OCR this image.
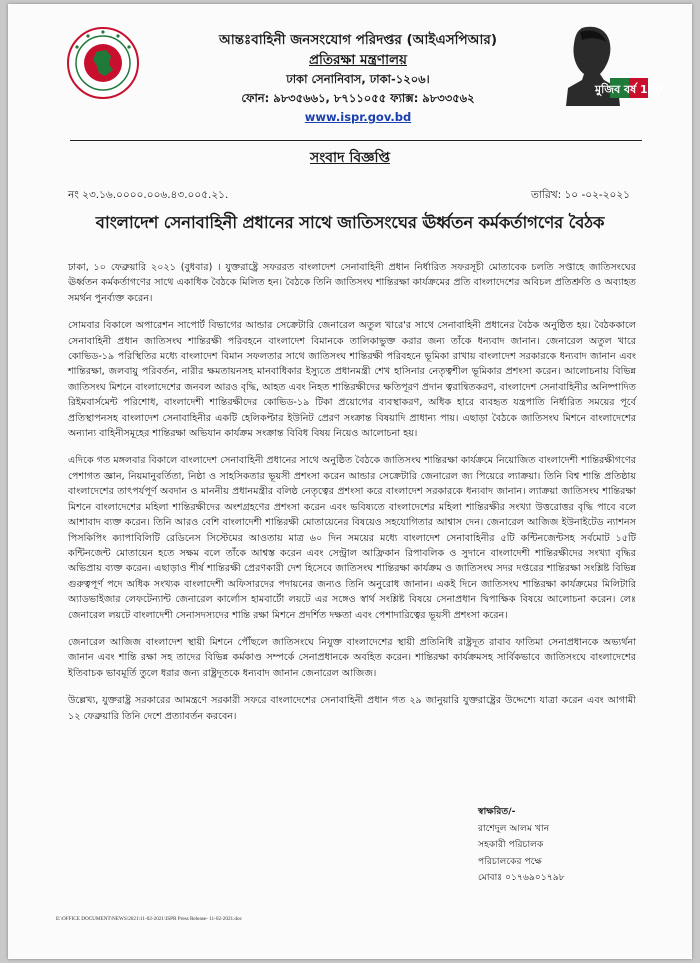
আন্তঃবাহিনী জনসংযোগ পরিদপ্তর (আইএসপিআর)
প্রতিরক্ষা মন্ত্রণালয়
ঢাকা সেনানিবাস, ঢাকা-১২০৬।
ফোন: ৯৮৩৫৬৬১, ৮৭১১০৫৫ ফ্যাক্স: ৯৮৩৩৫৬২
www.ispr.gov.bd
মুজিব বর্ষ 100
সংবাদ বিজ্ঞপ্তি
নং ২৩.১৬.০০০০.০০৬.৪৩.০০৫.২১.	তারিখ: ১০ -০২-২০২১
বাংলাদেশ সেনাবাহিনী প্রধানের সাথে জাতিসংঘের ঊর্ধ্বতন কর্মকর্তাগণের বৈঠক

ঢাকা, ১০ ফেব্রুয়ারি ২০২১ (বুধবার) । যুক্তরাষ্ট্রে সফররত বাংলাদেশ সেনাবাহিনী প্রধান নির্ধারিত সফরসূচী মোতাবেক চলতি সপ্তাহে জাতিসংঘের ঊর্ধ্বতন কর্মকর্তাগণের সাথে একাধিক বৈঠকে মিলিত হন। বৈঠকে তিনি জাতিসংঘ শান্তিরক্ষা কার্যক্রমের প্রতি বাংলাদেশের অবিচল প্রতিশ্রুতি ও অব্যাহত সমর্থন পুনর্ব্যক্ত করেন।

সোমবার বিকালে অপারেশন সাপোর্ট বিভাগের আন্ডার সেক্রেটারি জেনারেল অতুল খারে'র সাথে সেনাবাহিনী প্রধানের বৈঠক অনুষ্ঠিত হয়। বৈঠককালে সেনাবাহিনী প্রধান জাতিসংঘ শান্তিরক্ষী পরিবহনে বাংলাদেশ বিমানকে তালিকাভুক্ত করার জন্য তাঁকে ধন্যবাদ জানান। জেনারেল অতুল খারে কোভিড-১৯ পরিস্থিতির মধ্যে বাংলাদেশ বিমান সফলতার সাথে জাতিসংঘ শান্তিরক্ষী পরিবহনে ভূমিকা রাখায় বাংলাদেশ সরকারকে ধন্যবাদ জানান এবং শান্তিরক্ষা, জলবায়ু পরিবর্তন, নারীর ক্ষমতায়নসহ মানবাধিকার ইস্যুতে প্রধানমন্ত্রী শেখ হাসিনার নেতৃত্বশীল ভূমিকার প্রশংসা করেন। আলোচনায় বিভিন্ন জাতিসংঘ মিশনে বাংলাদেশের জনবল আরও বৃদ্ধি, আহত এবং নিহত শান্তিরক্ষীদের ক্ষতিপূরণ প্রদান ত্বরান্বিতকরণ, বাংলাদেশ সেনাবাহিনীর অনিষ্পাদিত রিইমবার্সমেন্ট পরিশোধ, বাংলাদেশী শান্তিরক্ষীদের কোভিড-১৯ টিকা প্রয়োগের ব্যবস্থাকরণ, অধিক হারে ব্যবহৃত যন্ত্রপাতি নির্ধারিত সময়ের পূর্বে প্রতিস্থাপনসহ বাংলাদেশ সেনাবাহিনীর একটি হেলিকপ্টার ইউনিট প্রেরণ সংক্রান্ত বিষয়াদি প্রাধান্য পায়। এছাড়া বৈঠকে জাতিসংঘ মিশনে বাংলাদেশের অন্যান্য বাহিনীসমূহের শান্তিরক্ষা অভিযান কার্যক্রম সংক্রান্ত বিবিধ বিষয় নিয়েও আলোচনা হয়।

এদিকে গত মঙ্গলবার বিকালে বাংলাদেশ সেনাবাহিনী প্রধানের সাথে অনুষ্ঠিত বৈঠকে জাতিসংঘ শান্তিরক্ষা কার্যক্রমে নিয়োজিত বাংলাদেশী শান্তিরক্ষীগণের পেশাগত জ্ঞান, নিয়মানুবর্তিতা, নিষ্ঠা ও সাহসিকতার ভূয়সী প্রশংসা করেন আন্ডার সেক্রেটারি জেনারেল জ্য পিয়েরে ল্যাক্রয়া। তিনি বিশ্ব শান্তি প্রতিষ্ঠায় বাংলাদেশের তাৎপর্যপূর্ণ অবদান ও মাননীয় প্রধানমন্ত্রীর বলিষ্ঠ নেতৃত্বের প্রশংসা করে বাংলাদেশ সরকারকে ধন্যবাদ জানান। ল্যাক্রয়া জাতিসংঘ শান্তিরক্ষা মিশনে বাংলাদেশের মহিলা শান্তিরক্ষীদের অংশগ্রহণের প্রশংসা করেন এবং ভবিষ্যতে বাংলাদেশের মহিলা শান্তিরক্ষীর সংখ্যা উত্তরোত্তর বৃদ্ধি পাবে বলে আশাবাদ ব্যক্ত করেন। তিনি আরও বেশি বাংলাদেশী শান্তিরক্ষী মোতায়েনের বিষয়েও সহযোগিতার আশ্বাস দেন। জেনারেল আজিজ ইউনাইটেড ন্যাশনস পিসকিপিং ক্যাপাবিলিটি রেডিনেস সিস্টেমের আওতায় মাত্র ৬০ দিন সময়ের মধ্যে বাংলাদেশ সেনাবাহিনীর ৫টি কন্টিনজেন্টসহ সর্বমোট ১৫টি কন্টিনজেন্ট মোতায়েন হতে সক্ষম বলে তাঁকে আশ্বস্ত করেন এবং সেন্ট্রাল আফ্রিকান রিপাবলিক ও সুদানে বাংলাদেশী শান্তিরক্ষীদের সংখ্যা বৃদ্ধির অভিপ্রায় ব্যক্ত করেন। এছাড়াও শীর্ষ শান্তিরক্ষী প্রেরণকারী দেশ হিসেবে জাতিসংঘ শান্তিরক্ষা কার্যক্রম ও জাতিসংঘ সদর দপ্তরের শান্তিরক্ষা সংশ্লিষ্ট বিভিন্ন গুরুত্বপূর্ণ পদে অধিক সংখ্যক বাংলাদেশী অফিসারদের পদায়নের জন্যও তিনি অনুরোধ জানান। একই দিনে জাতিসংঘ শান্তিরক্ষা কার্যক্রমের মিলিটারি অ্যাডভাইজার লেফটেন্যান্ট জেনারেল কার্লোস হামবার্টো লয়টে এর সঙ্গেও স্বার্থ সংশ্লিষ্ট বিষয়ে সেনাপ্রধান দ্বিপাক্ষিক বিষয়ে আলোচনা করেন। লেঃ জেনারেল লয়টে বাংলাদেশী সেনাসদস্যদের শান্তি রক্ষা মিশনে প্রদর্শিত দক্ষতা এবং পেশাদারিত্বের ভূয়সী প্রশংসা করেন।

জেনারেল আজিজ বাংলাদেশ স্থায়ী মিশনে পৌঁছলে জাতিসংঘে নিযুক্ত বাংলাদেশের স্থায়ী প্রতিনিধি রাষ্ট্রদূত রাবাব ফাতিমা সেনাপ্রধানকে অভ্যর্থনা জানান এবং শান্তি রক্ষা সহ তাদের বিভিন্ন কর্মকাণ্ড সম্পর্কে সেনাপ্রধানকে অবহিত করেন। শান্তিরক্ষা কার্যক্রমসহ সার্বিকভাবে জাতিসংঘে বাংলাদেশের ইতিবাচক ভাবমূর্তি তুলে ধরার জন্য রাষ্ট্রদূতকে ধন্যবাদ জানান জেনারেল আজিজ।

উল্লেখ্য, যুক্তরাষ্ট্র সরকারের আমন্ত্রণে সরকারী সফরে বাংলাদেশের সেনাবাহিনী প্রধান গত ২৯ জানুয়ারি যুক্তরাষ্ট্রের উদ্দেশ্যে যাত্রা করেন এবং আগামী ১২ ফেব্রুয়ারি তিনি দেশে প্রত্যাবর্তন করবেন।

স্বাক্ষরিত/-
রাশেদুল আলম খান
সহকারী পরিচালক
পরিচালকের পক্ষে
মোবাঃ ০১৭৬৯০১৭৯৮
E:\OFFICE DOCUMENT\NEWS\2021\11-02-2021\ISPR Press Release- 11-02-2021.doc
